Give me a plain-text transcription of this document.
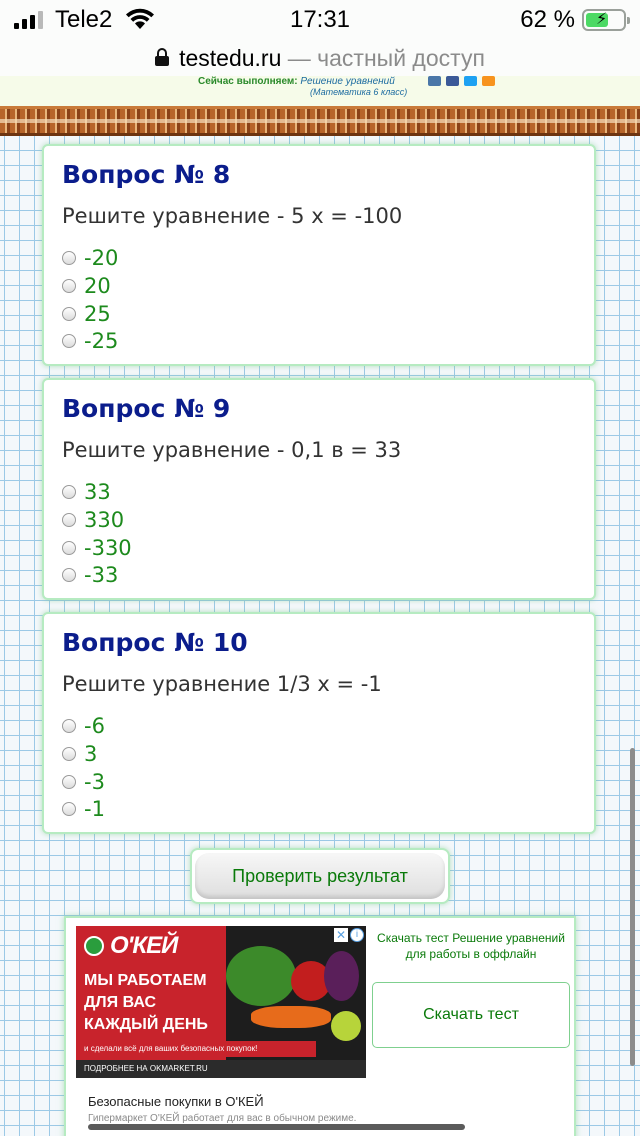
Tele2	17:31	62 % ⚡
testedu.ru — частный доступ
Сейчас выполняем: Решение уравнений
(Математика 6 класс)
Вопрос № 8
Решите уравнение - 5 х = -100
-20
20
25
-25
Вопрос № 9
Решите уравнение - 0,1 в = 33
33
330
-330
-33
Вопрос № 10
Решите уравнение 1/3 х = -1
-6
3
-3
-1
Проверить результат
О'КЕЙ
МЫ РАБОТАЕМ
ДЛЯ ВАС
КАЖДЫЙ ДЕНЬ
и сделали всё для ваших безопасных покупок!
ПОДРОБНЕЕ НА OKMARKET.RU
✕ i
Безопасные покупки в О'КЕЙ
Гипермаркет О'КЕЙ работает для вас в обычном режиме.
Скачать тест Решение уравнений для работы в оффлайн
Скачать тест
